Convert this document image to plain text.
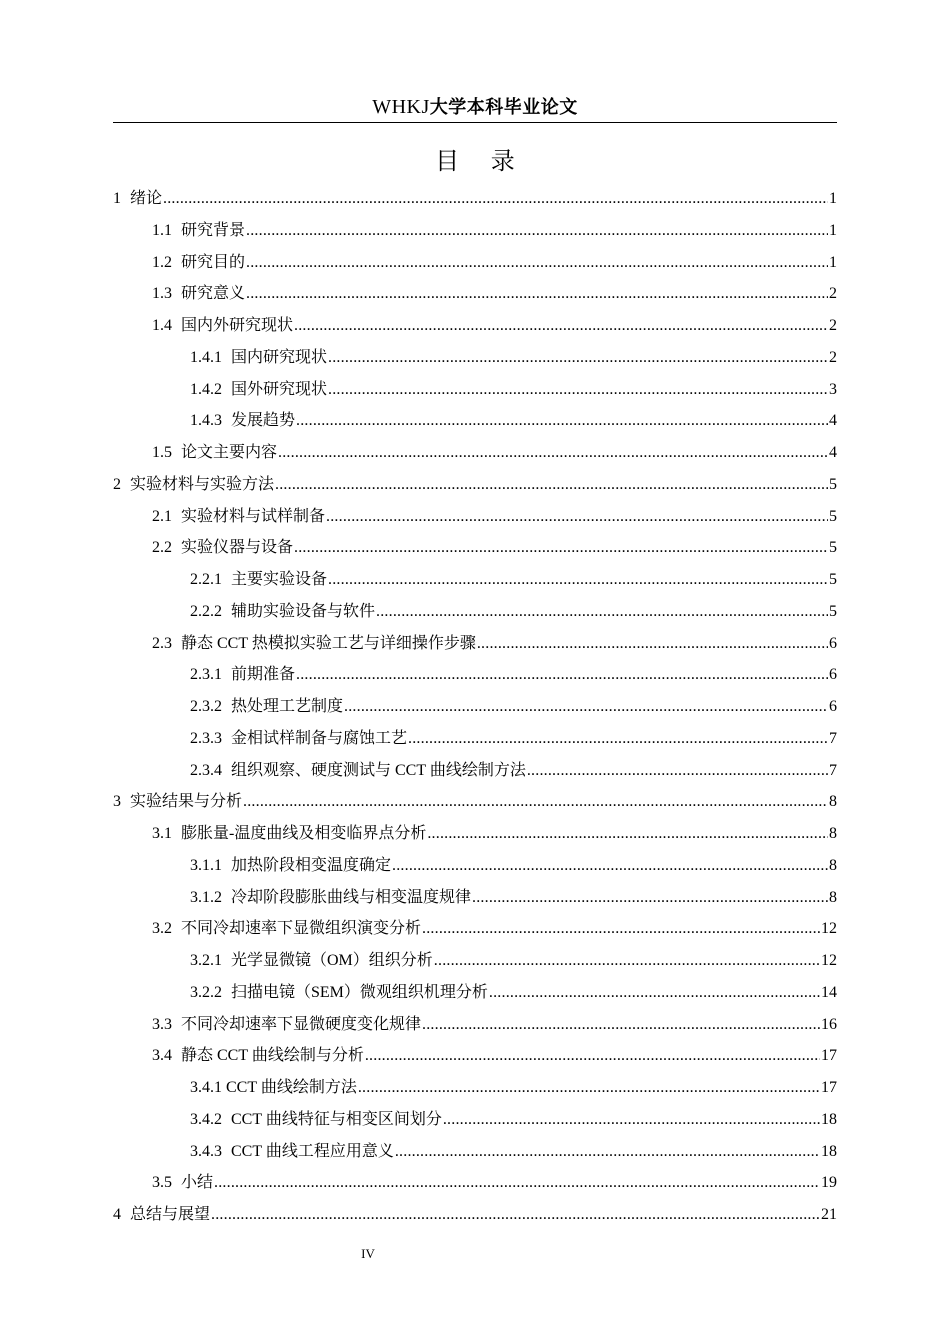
WHKJ大学本科毕业论文
目 录
1 绪论 .....	1
1.1 研究背景 .....	1
1.2 研究目的 .....	1
1.3 研究意义 .....	2
1.4 国内外研究现状 .....	2
1.4.1 国内研究现状 .....	2
1.4.2 国外研究现状 .....	3
1.4.3 发展趋势 .....	4
1.5 论文主要内容 .....	4
2 实验材料与实验方法 .....	5
2.1 实验材料与试样制备 .....	5
2.2 实验仪器与设备 .....	5
2.2.1 主要实验设备 .....	5
2.2.2 辅助实验设备与软件 .....	5
2.3 静态 CCT 热模拟实验工艺与详细操作步骤 .....	6
2.3.1 前期准备 .....	6
2.3.2 热处理工艺制度 .....	6
2.3.3 金相试样制备与腐蚀工艺 .....	7
2.3.4 组织观察、硬度测试与 CCT 曲线绘制方法 .....	7
3 实验结果与分析 .....	8
3.1 膨胀量-温度曲线及相变临界点分析 .....	8
3.1.1 加热阶段相变温度确定 .....	8
3.1.2 冷却阶段膨胀曲线与相变温度规律 .....	8
3.2 不同冷却速率下显微组织演变分析 .....	12
3.2.1 光学显微镜（OM）组织分析 .....	12
3.2.2 扫描电镜（SEM）微观组织机理分析 .....	14
3.3 不同冷却速率下显微硬度变化规律 .....	16
3.4 静态 CCT 曲线绘制与分析 .....	17
3.4.1 CCT 曲线绘制方法 .....	17
3.4.2 CCT 曲线特征与相变区间划分 .....	18
3.4.3 CCT 曲线工程应用意义 .....	18
3.5 小结 .....	19
4 总结与展望 .....	21
IV
